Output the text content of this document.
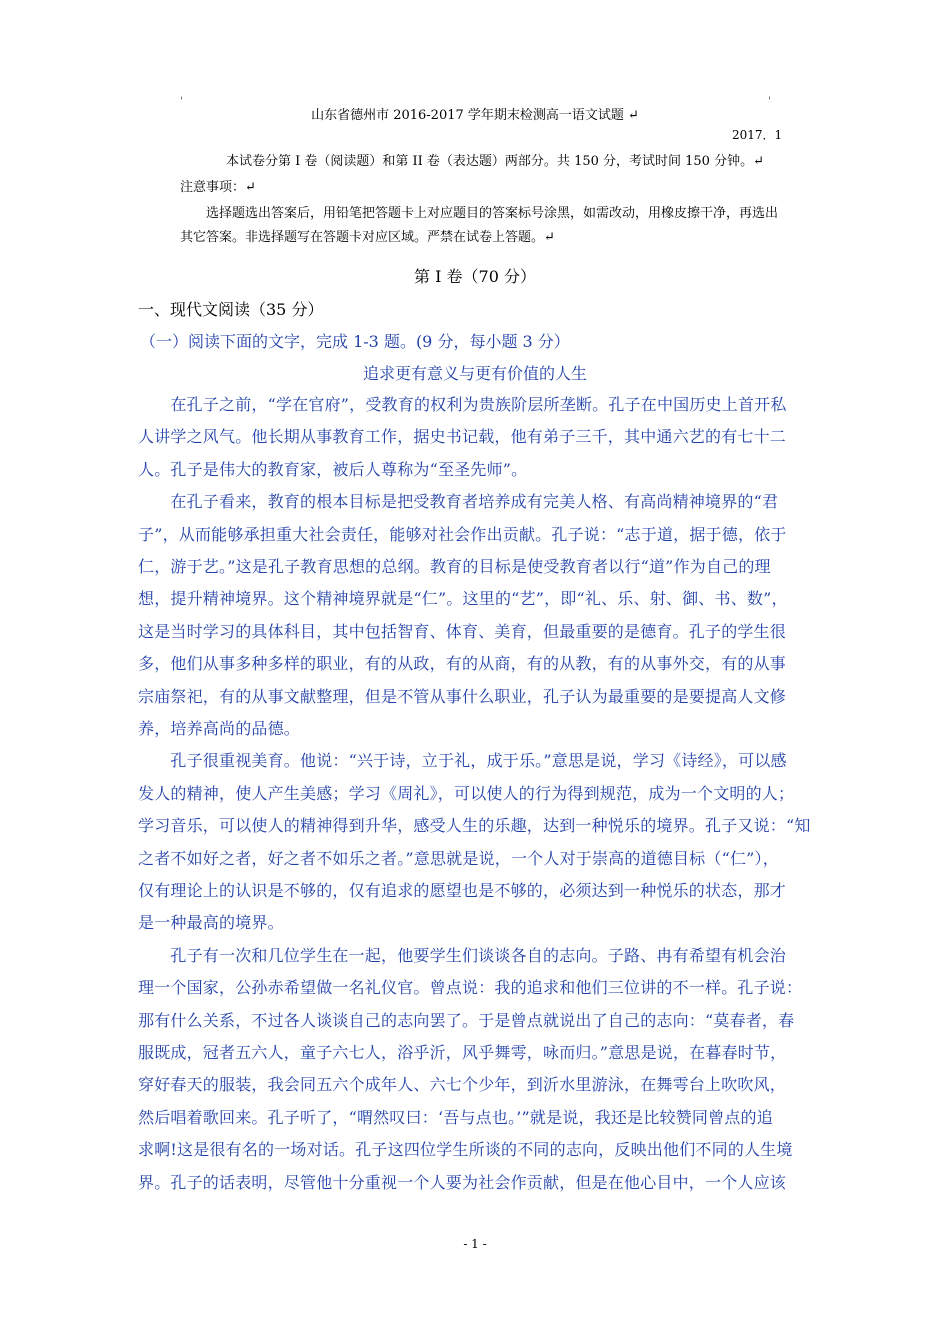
'	'
山东省德州市 2016-2017 学年期末检测高一语文试题 ↵
2017．1
本试卷分第 I 卷（阅读题）和第 II 卷（表达题）两部分。共 150 分，考试时间 150 分钟。↵
注意事项：↵
选择题选出答案后，用铅笔把答题卡上对应题目的答案标号涂黑，如需改动，用橡皮擦干净，再选出
其它答案。非选择题写在答题卡对应区域。严禁在试卷上答题。↵
第 I 卷（70 分）
一、现代文阅读（35 分）
（一）阅读下面的文字，完成 1-3 题。(9 分，每小题 3 分）
追求更有意义与更有价值的人生
　　在孔子之前，“学在官府”，受教育的权利为贵族阶层所垄断。孔子在中国历史上首开私
人讲学之风气。他长期从事教育工作，据史书记载，他有弟子三千，其中通六艺的有七十二
人。孔子是伟大的教育家，被后人尊称为“至圣先师”。
　　在孔子看来，教育的根本目标是把受教育者培养成有完美人格、有高尚精神境界的“君
子”，从而能够承担重大社会责任，能够对社会作出贡献。孔子说：“志于道，据于德，依于
仁，游于艺。”这是孔子教育思想的总纲。教育的目标是使受教育者以行“道”作为自己的理
想，提升精神境界。这个精神境界就是“仁”。这里的“艺”，即“礼、乐、射、御、书、数”，
这是当时学习的具体科目，其中包括智育、体育、美育，但最重要的是德育。孔子的学生很
多，他们从事多种多样的职业，有的从政，有的从商，有的从教，有的从事外交，有的从事
宗庙祭祀，有的从事文献整理，但是不管从事什么职业，孔子认为最重要的是要提高人文修
养，培养高尚的品德。
　　孔子很重视美育。他说：“兴于诗，立于礼，成于乐。”意思是说，学习《诗经》，可以感
发人的精神，使人产生美感；学习《周礼》，可以使人的行为得到规范，成为一个文明的人；
学习音乐，可以使人的精神得到升华，感受人生的乐趣，达到一种悦乐的境界。孔子又说：“知
之者不如好之者，好之者不如乐之者。”意思就是说，一个人对于崇高的道德目标（“仁”），
仅有理论上的认识是不够的，仅有追求的愿望也是不够的，必须达到一种悦乐的状态，那才
是一种最高的境界。
　　孔子有一次和几位学生在一起，他要学生们谈谈各自的志向。子路、冉有希望有机会治
理一个国家，公孙赤希望做一名礼仪官。曾点说：我的追求和他们三位讲的不一样。孔子说：
那有什么关系，不过各人谈谈自己的志向罢了。于是曾点就说出了自己的志向：“莫春者，春
服既成，冠者五六人，童子六七人，浴乎沂，风乎舞雩，咏而归。”意思是说，在暮春时节，
穿好春天的服装，我会同五六个成年人、六七个少年，到沂水里游泳，在舞雩台上吹吹风，
然后唱着歌回来。孔子听了，“喟然叹曰：‘吾与点也。’”就是说，我还是比较赞同曾点的追
求啊!这是很有名的一场对话。孔子这四位学生所谈的不同的志向，反映出他们不同的人生境
界。孔子的话表明，尽管他十分重视一个人要为社会作贡献，但是在他心目中，一个人应该
- 1 -
